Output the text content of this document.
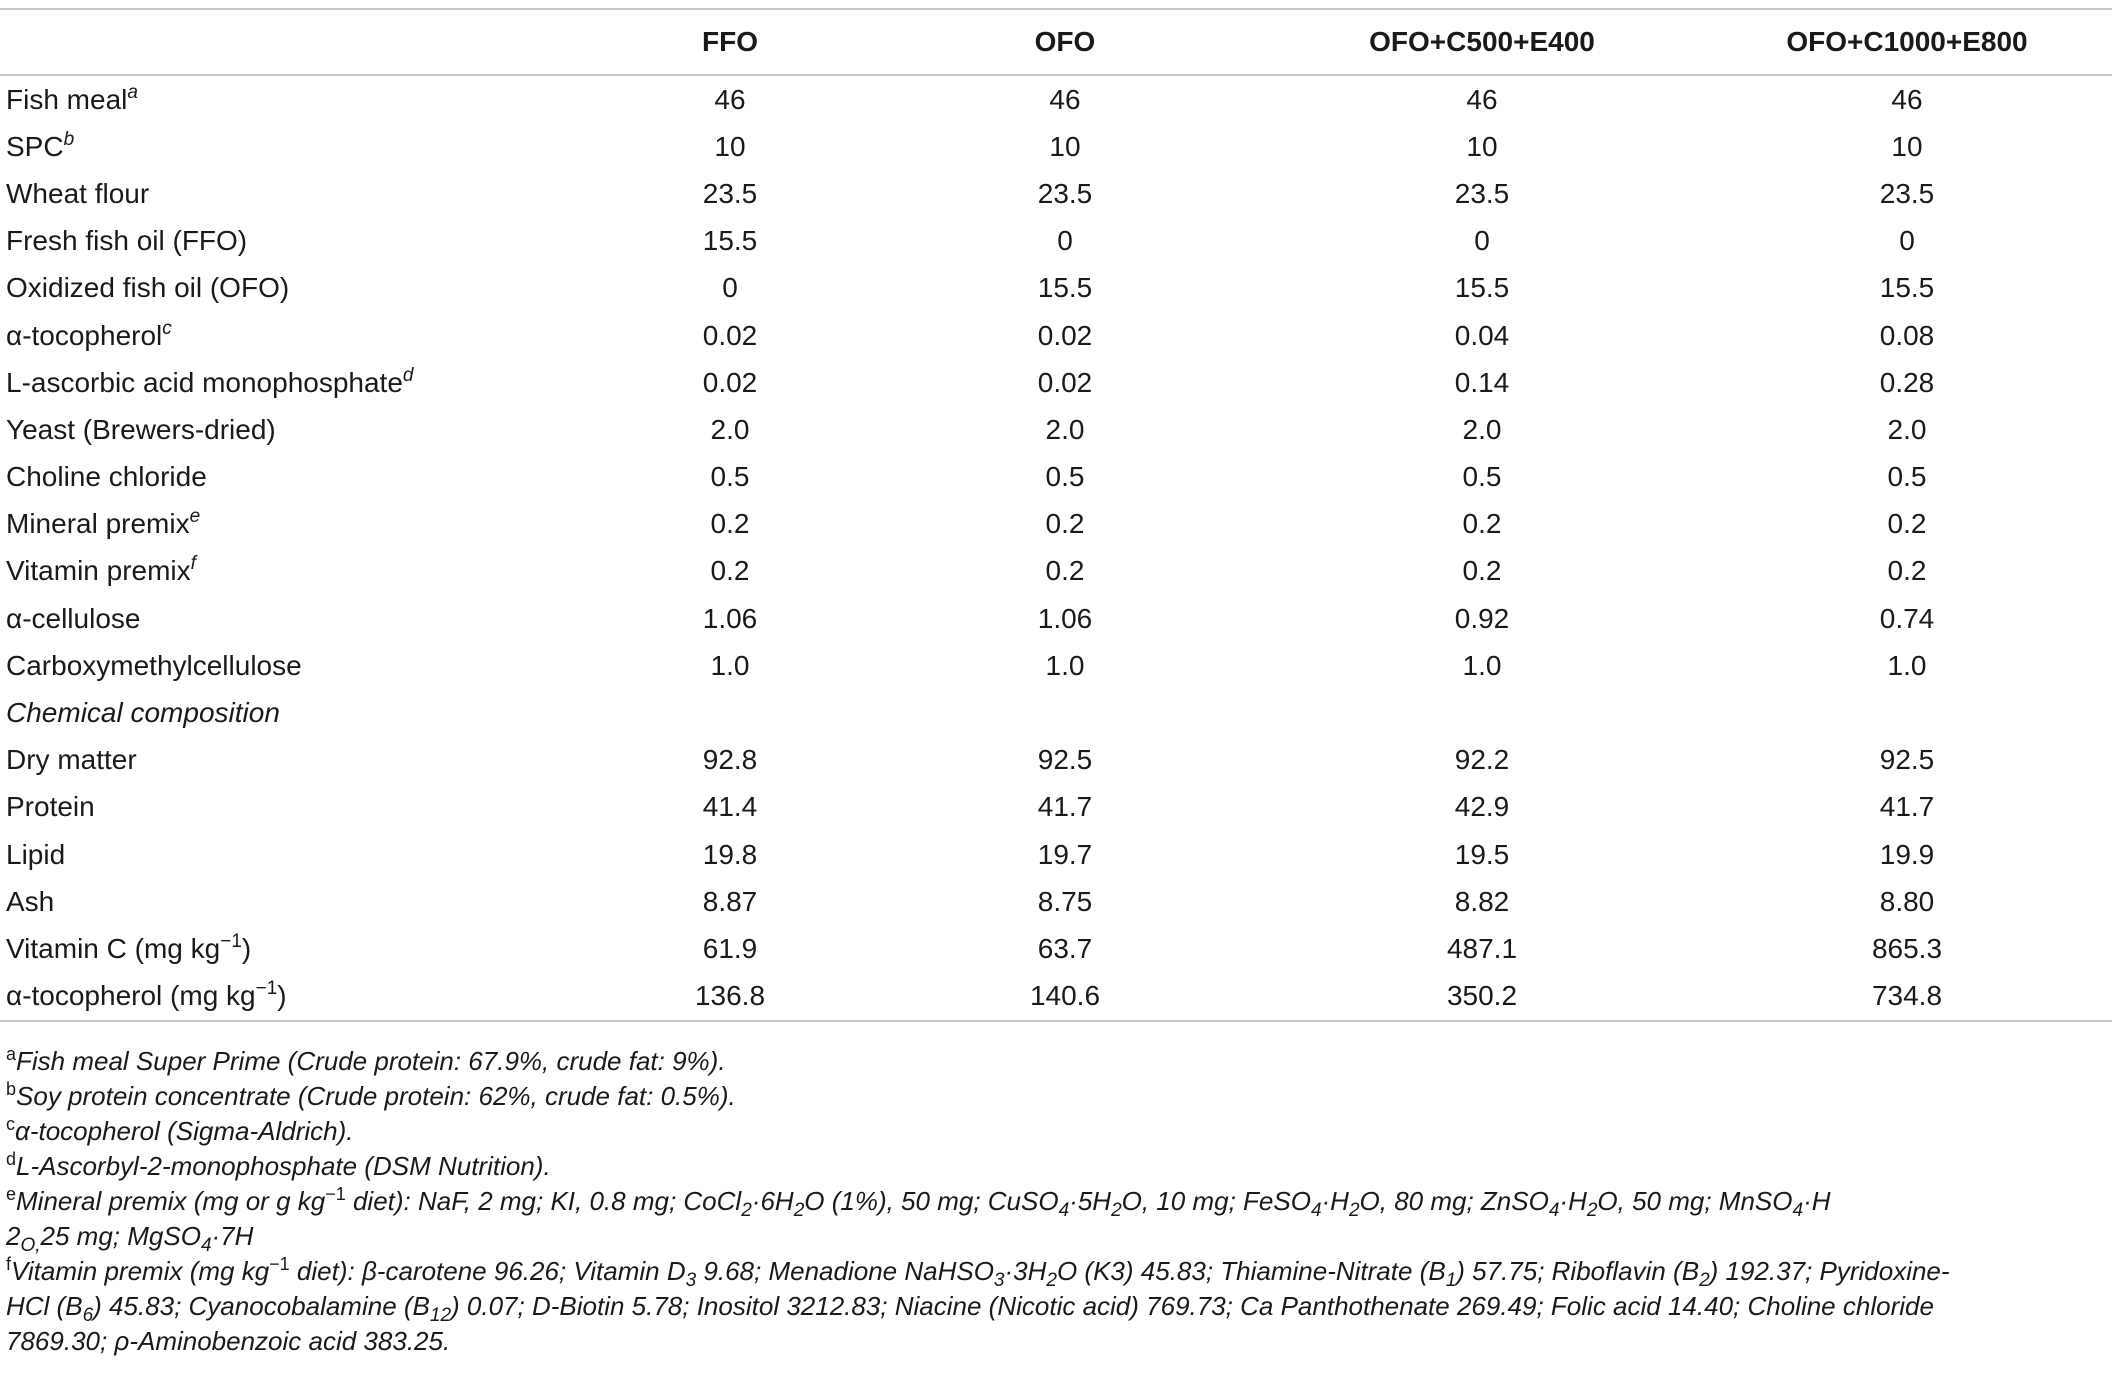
	FFO	OFO	OFO+C500+E400	OFO+C1000+E800
Fish meal$^a$	46	46	46	46
SPC$^b$	10	10	10	10
Wheat flour	23.5	23.5	23.5	23.5
Fresh fish oil (FFO)	15.5	0	0	0
Oxidized fish oil (OFO)	0	15.5	15.5	15.5
α-tocopherol$^c$	0.02	0.02	0.04	0.08
L-ascorbic acid monophosphate$^d$	0.02	0.02	0.14	0.28
Yeast (Brewers-dried)	2.0	2.0	2.0	2.0
Choline chloride	0.5	0.5	0.5	0.5
Mineral premix$^e$	0.2	0.2	0.2	0.2
Vitamin premix$^f$	0.2	0.2	0.2	0.2
α-cellulose	1.06	1.06	0.92	0.74
Carboxymethylcellulose	1.0	1.0	1.0	1.0
Chemical composition				
Dry matter	92.8	92.5	92.2	92.5
Protein	41.4	41.7	42.9	41.7
Lipid	19.8	19.7	19.5	19.9
Ash	8.87	8.75	8.82	8.80
Vitamin C (mg $kg^{-1}$)	61.9	63.7	487.1	865.3
α-tocopherol (mg $kg^{-1}$)	136.8	140.6	350.2	734.8

$^a$Fish meal Super Prime (Crude protein: 67.9%, crude fat: 9%).

$^b$Soy protein concentrate (Crude protein: 62%, crude fat: 0.5%).

$^c$α-tocopherol (Sigma-Aldrich).

$^d$L-Ascorbyl-2-monophosphate (DSM Nutrition).

$^e$Mineral premix (mg or g $kg^{-1}$ diet): NaF, 2 mg; KI, 0.8 mg; $CoCl_2\cdot 6H_2O$ (1%), 50 mg; $CuSO_4\cdot 5H_2O$, 10 mg; $FeSO_4\cdot H_2O$, 80 mg; $ZnSO_4\cdot H_2O$, 50 mg; MnSO$_4$·H
$2_{O,}25$ mg; MgSO$_4$·7H

$^f$Vitamin premix (mg $kg^{-1}$ diet): β-carotene 96.26; Vitamin $D_3$ 9.68; Menadione $NaHSO_3\cdot 3H_2O$ (K3) 45.83; Thiamine-Nitrate $(B_1)$ 57.75; Riboflavin $(B_2)$ 192.37; Pyridoxine-
HCl $(B_6)$ 45.83; Cyanocobalamine $(B_{12})$ 0.07; D-Biotin 5.78; Inositol 3212.83; Niacine (Nicotic acid) 769.73; Ca Panthothenate 269.49; Folic acid 14.40; Choline chloride
7869.30; ρ-Aminobenzoic acid 383.25.
